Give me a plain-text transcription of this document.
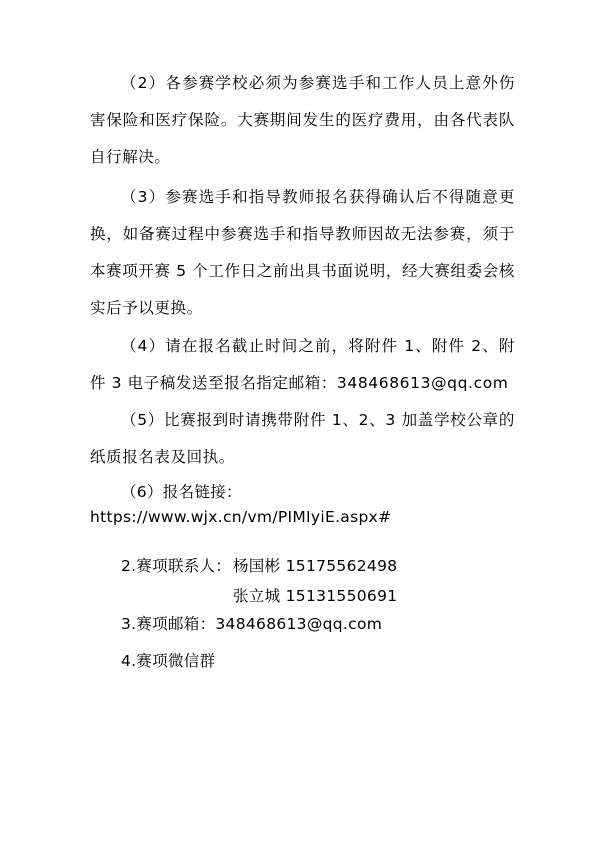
（2）各参赛学校必须为参赛选手和工作人员上意外伤害保险和医疗保险。大赛期间发生的医疗费用，由各代表队自行解决。

（3）参赛选手和指导教师报名获得确认后不得随意更换，如备赛过程中参赛选手和指导教师因故无法参赛，须于本赛项开赛 5 个工作日之前出具书面说明，经大赛组委会核实后予以更换。

（4）请在报名截止时间之前，将附件 1、附件 2、附件 3 电子稿发送至报名指定邮箱：348468613@qq.com

（5）比赛报到时请携带附件 1、2、3 加盖学校公章的纸质报名表及回执。

（6）报名链接：

https://www.wjx.cn/vm/PIMIyiE.aspx#

2.赛项联系人： 杨国彬 15175562498

张立城 15131550691

3.赛项邮箱：348468613@qq.com

4.赛项微信群
